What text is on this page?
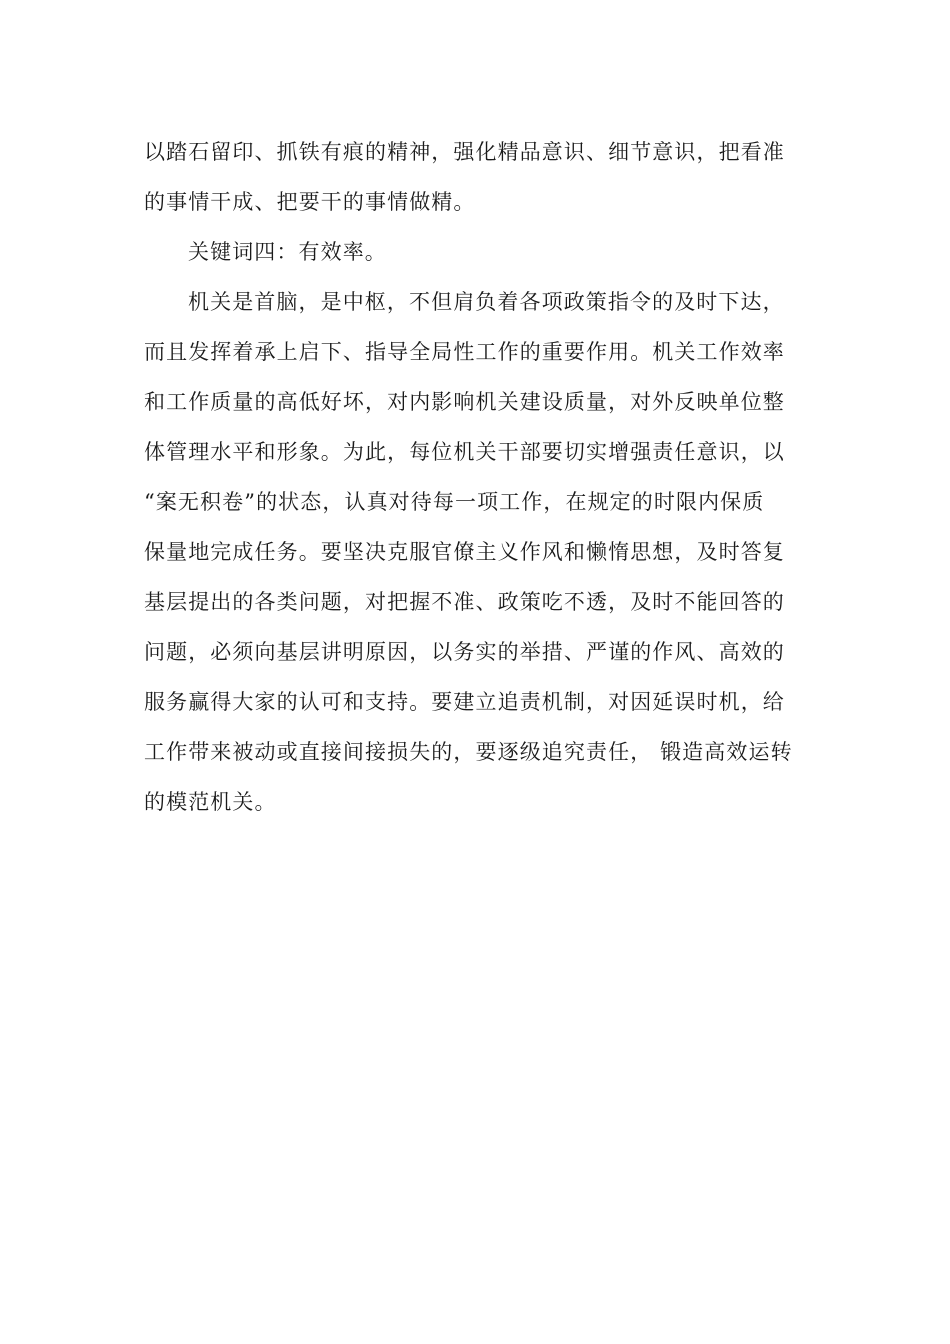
以踏石留印、抓铁有痕的精神，强化精品意识、细节意识，把看准
的事情干成、把要干的事情做精。
关键词四：有效率。
机关是首脑，是中枢，不但肩负着各项政策指令的及时下达，
而且发挥着承上启下、指导全局性工作的重要作用。机关工作效率
和工作质量的高低好坏，对内影响机关建设质量，对外反映单位整
体管理水平和形象。为此，每位机关干部要切实增强责任意识，以
“案无积卷”的状态，认真对待每一项工作，在规定的时限内保质
保量地完成任务。要坚决克服官僚主义作风和懒惰思想，及时答复
基层提出的各类问题，对把握不准、政策吃不透，及时不能回答的
问题，必须向基层讲明原因，以务实的举措、严谨的作风、高效的
服务赢得大家的认可和支持。要建立追责机制，对因延误时机，给
工作带来被动或直接间接损失的，要逐级追究责任， 锻造高效运转
的模范机关。
